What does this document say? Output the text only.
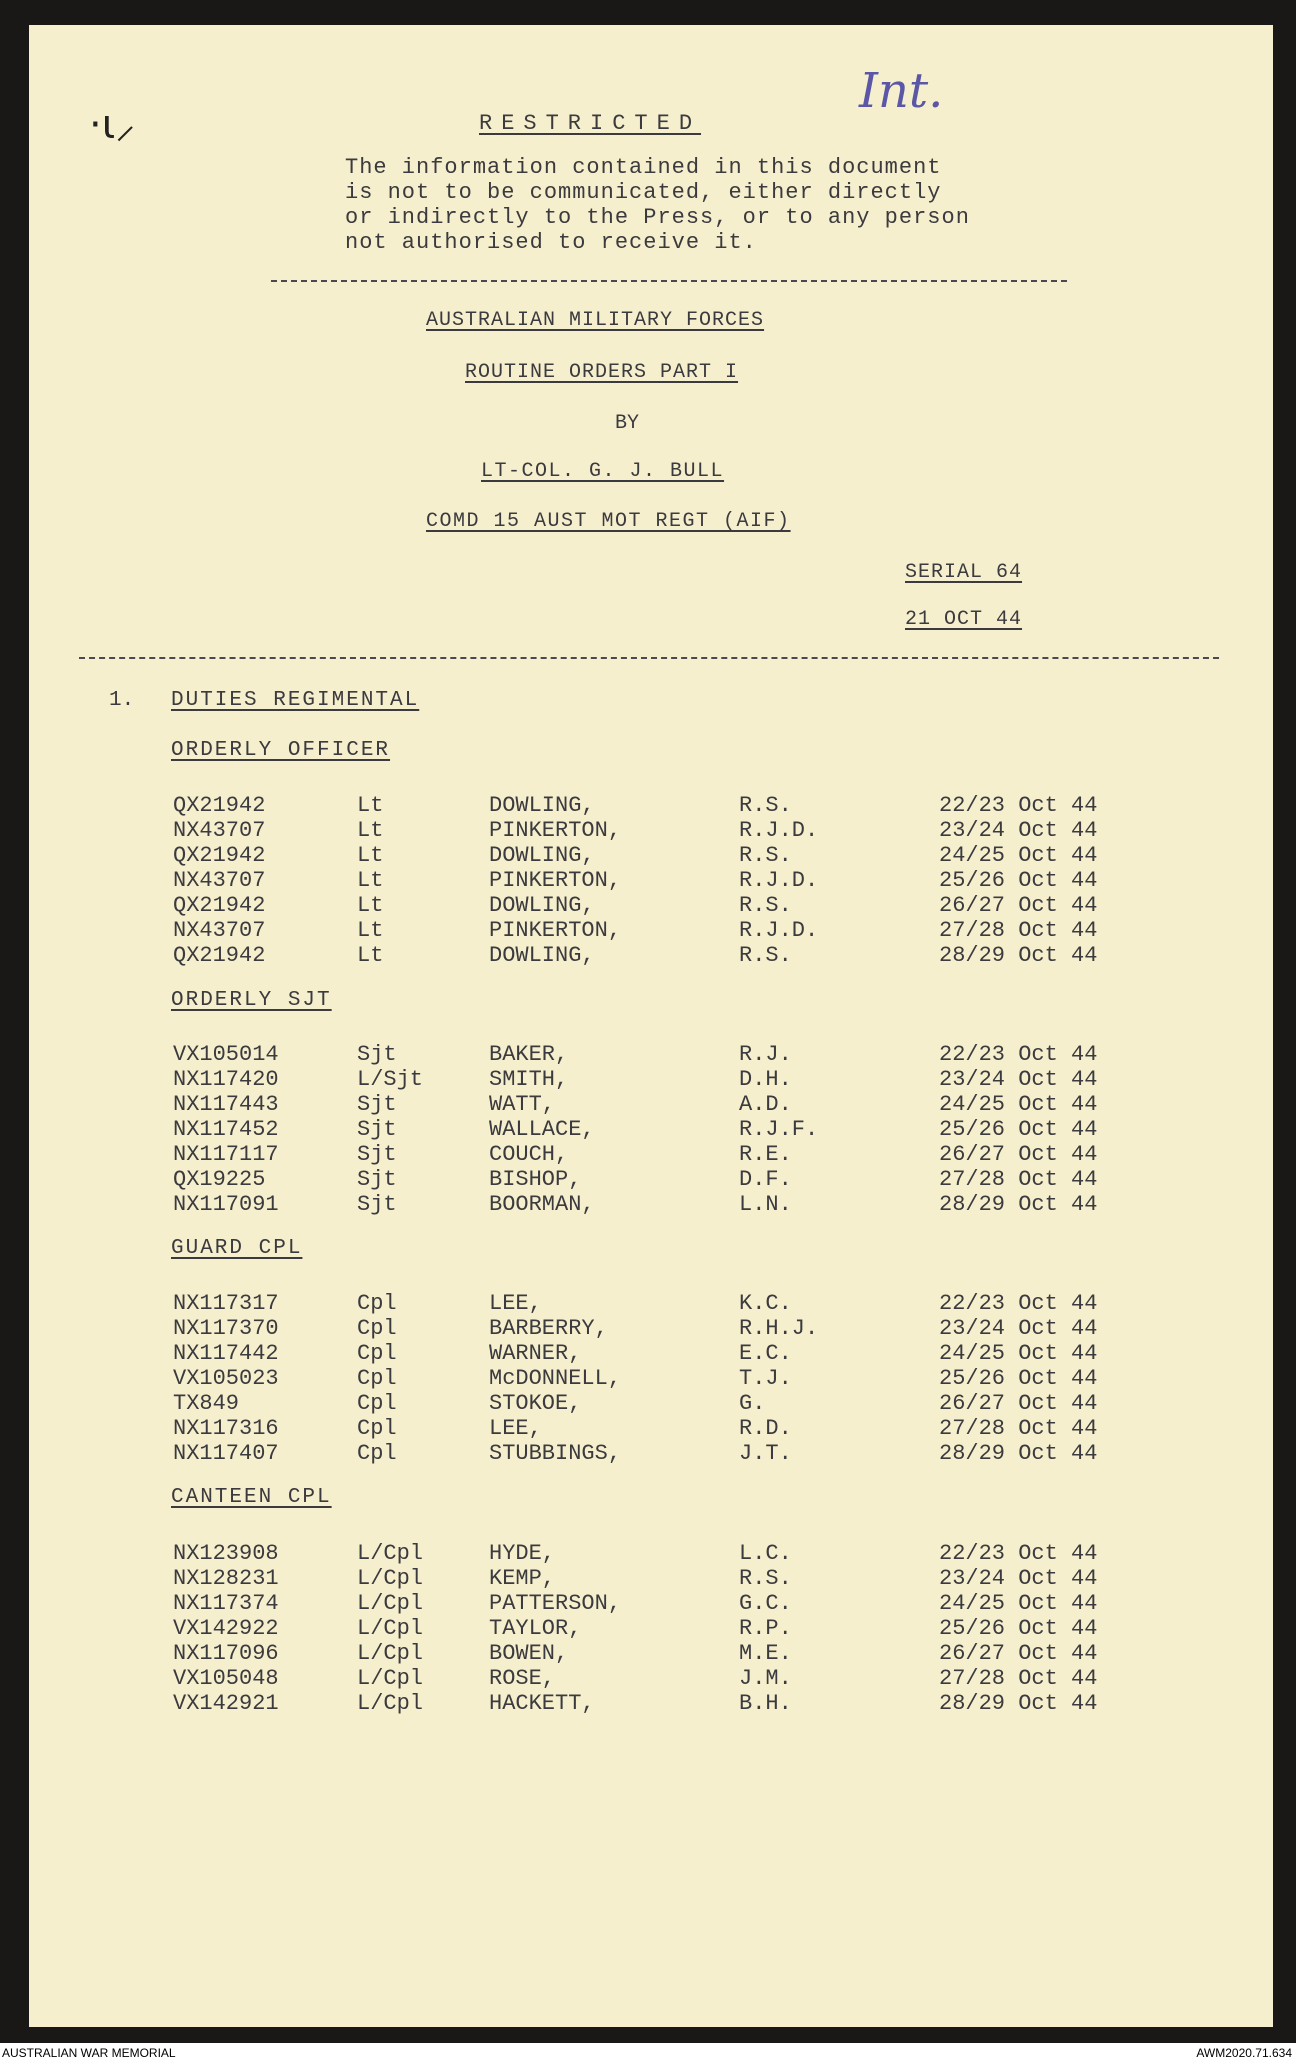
·ɩ⸝
Int.
RESTRICTED
The information contained in this document
is not to be communicated, either directly
or indirectly to the Press, or to any person
not authorised to receive it.
AUSTRALIAN MILITARY FORCES
ROUTINE ORDERS PART I
BY
LT-COL. G. J. BULL
COMD 15 AUST MOT REGT (AIF)
SERIAL 64
21 OCT 44
1. DUTIES REGIMENTAL
ORDERLY OFFICER
QX21942	Lt	DOWLING,	R.S.	22/23 Oct 44
NX43707	Lt	PINKERTON,	R.J.D.	23/24 Oct 44
QX21942	Lt	DOWLING,	R.S.	24/25 Oct 44
NX43707	Lt	PINKERTON,	R.J.D.	25/26 Oct 44
QX21942	Lt	DOWLING,	R.S.	26/27 Oct 44
NX43707	Lt	PINKERTON,	R.J.D.	27/28 Oct 44
QX21942	Lt	DOWLING,	R.S.	28/29 Oct 44
ORDERLY SJT
VX105014	Sjt	BAKER,	R.J.	22/23 Oct 44
NX117420	L/Sjt	SMITH,	D.H.	23/24 Oct 44
NX117443	Sjt	WATT,	A.D.	24/25 Oct 44
NX117452	Sjt	WALLACE,	R.J.F.	25/26 Oct 44
NX117117	Sjt	COUCH,	R.E.	26/27 Oct 44
QX19225	Sjt	BISHOP,	D.F.	27/28 Oct 44
NX117091	Sjt	BOORMAN,	L.N.	28/29 Oct 44
GUARD CPL
NX117317	Cpl	LEE,	K.C.	22/23 Oct 44
NX117370	Cpl	BARBERRY,	R.H.J.	23/24 Oct 44
NX117442	Cpl	WARNER,	E.C.	24/25 Oct 44
VX105023	Cpl	McDONNELL,	T.J.	25/26 Oct 44
TX849	Cpl	STOKOE,	G.	26/27 Oct 44
NX117316	Cpl	LEE,	R.D.	27/28 Oct 44
NX117407	Cpl	STUBBINGS,	J.T.	28/29 Oct 44
CANTEEN CPL
NX123908	L/Cpl	HYDE,	L.C.	22/23 Oct 44
NX128231	L/Cpl	KEMP,	R.S.	23/24 Oct 44
NX117374	L/Cpl	PATTERSON,	G.C.	24/25 Oct 44
VX142922	L/Cpl	TAYLOR,	R.P.	25/26 Oct 44
NX117096	L/Cpl	BOWEN,	M.E.	26/27 Oct 44
VX105048	L/Cpl	ROSE,	J.M.	27/28 Oct 44
VX142921	L/Cpl	HACKETT,	B.H.	28/29 Oct 44
AUSTRALIAN WAR MEMORIAL	AWM2020.71.634
